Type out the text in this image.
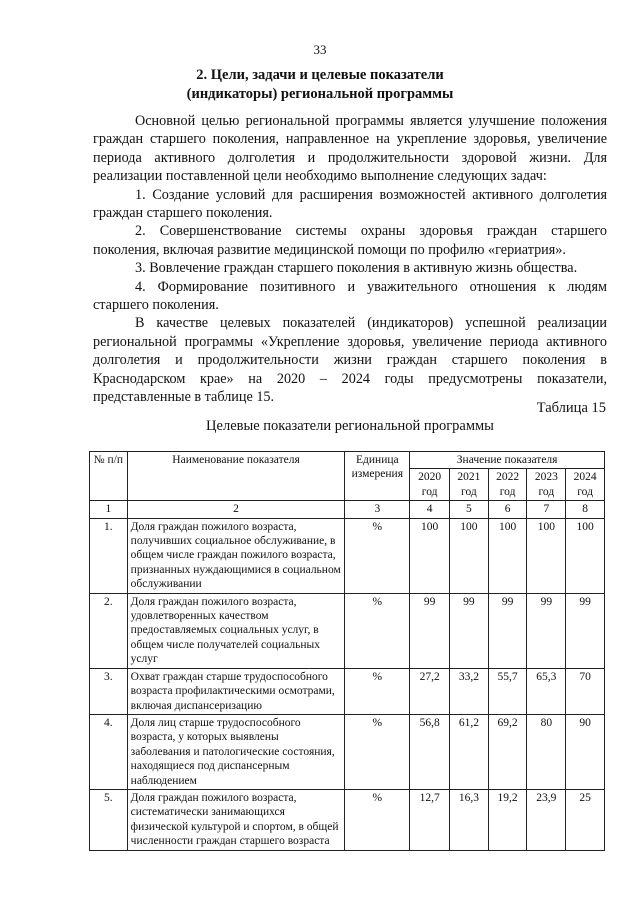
33
2. Цели, задачи и целевые показатели
(индикаторы) региональной программы

Основной целью региональной программы является улучшение положения граждан старшего поколения, направленное на укрепление здоровья, увеличение периода активного долголетия и продолжительности здоровой жизни. Для реализации поставленной цели необходимо выполнение следующих задач:

1. Создание условий для расширения возможностей активного долголетия граждан старшего поколения.

2. Совершенствование системы охраны здоровья граждан старшего поколения, включая развитие медицинской помощи по профилю «гериатрия».

3. Вовлечение граждан старшего поколения в активную жизнь общества.

4. Формирование позитивного и уважительного отношения к людям старшего поколения.

В качестве целевых показателей (индикаторов) успешной реализации региональной программы «Укрепление здоровья, увеличение периода активного долголетия и продолжительности жизни граждан старшего поколения в Краснодарском крае» на 2020 – 2024 годы предусмотрены показатели, представленные в таблице 15.

Таблица 15
Целевые показатели региональной программы
№ п/п	Наименование показателя	Единица измерения	Значение показателя				
			2020 год	2021 год	2022 год	2023 год	2024 год
1	2	3	4	5	6	7	8
1.	Доля граждан пожилого возраста, получивших социальное обслуживание, в общем числе граждан пожилого возраста, признанных нуждающимися в социальном обслуживании	%	100	100	100	100	100
2.	Доля граждан пожилого возраста, удовлетворенных качеством предоставляемых социальных услуг, в общем числе получателей социальных услуг	%	99	99	99	99	99
3.	Охват граждан старше трудоспособного возраста профилактическими осмотрами, включая диспансеризацию	%	27,2	33,2	55,7	65,3	70
4.	Доля лиц старше трудоспособного возраста, у которых выявлены заболевания и патологические состояния, находящиеся под диспансерным наблюдением	%	56,8	61,2	69,2	80	90
5.	Доля граждан пожилого возраста, систематически занимающихся физической культурой и спортом, в общей численности граждан старшего возраста	%	12,7	16,3	19,2	23,9	25
